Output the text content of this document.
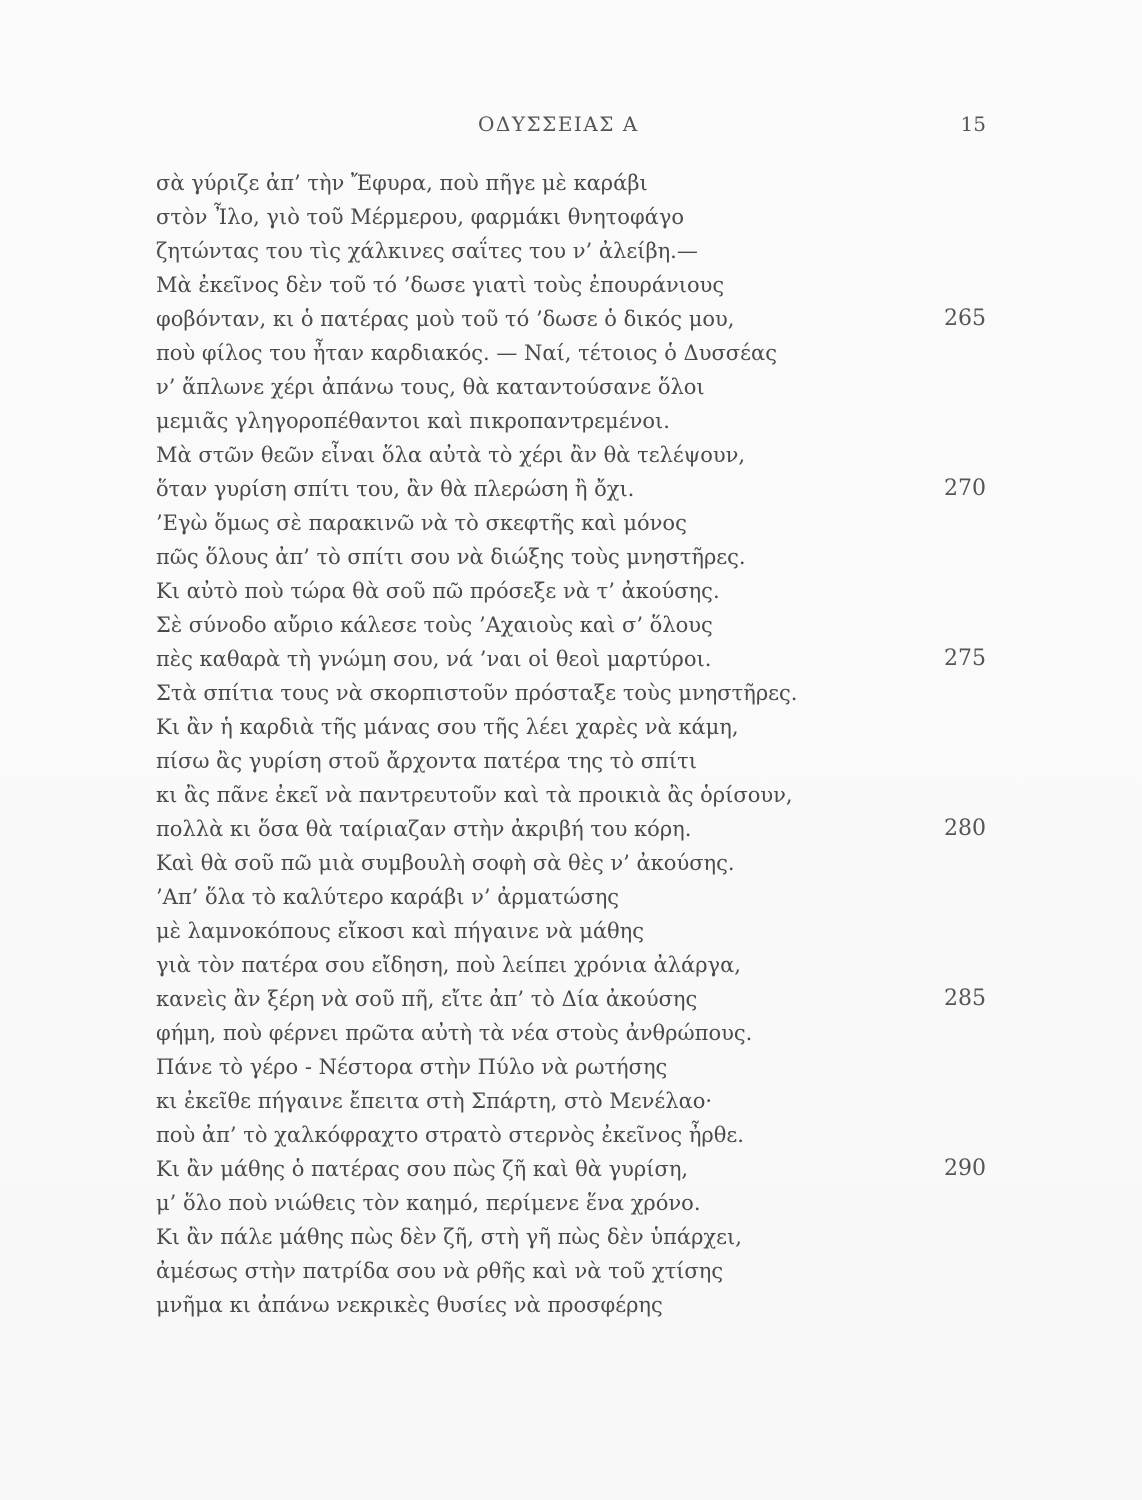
ΟΔΥΣΣΕΙΑΣ Α	15
σὰ γύριζε ἀπ’ τὴν Ἔφυρα, ποὺ πῆγε μὲ καράβι
στὸν Ἶλο, γιὸ τοῦ Μέρμερου, φαρμάκι θνητοφάγο
ζητώντας του τὶς χάλκινες σαΐτες του ν’ ἀλείβη.—
Μὰ ἐκεῖνος δὲν τοῦ τό ’δωσε γιατὶ τοὺς ἐπουράνιους
φοβόνταν, κι ὁ πατέρας μοὺ τοῦ τό ’δωσε ὁ δικός μου,	265
ποὺ φίλος του ἦταν καρδιακός. — Ναί, τέτοιος ὁ Δυσσέας
ν’ ἅπλωνε χέρι ἀπάνω τους, θὰ καταντούσανε ὅλοι
μεμιᾶς γληγοροπέθαντοι καὶ πικροπαντρεμένοι.
Μὰ στῶν θεῶν εἶναι ὅλα αὐτὰ τὸ χέρι ἂν θὰ τελέψουν,
ὅταν γυρίση σπίτι του, ἂν θὰ πλερώση ἢ ὄχι.	270
’Εγὼ ὅμως σὲ παρακινῶ νὰ τὸ σκεφτῆς καὶ μόνος
πῶς ὅλους ἀπ’ τὸ σπίτι σου νὰ διώξης τοὺς μνηστῆρες.
Κι αὐτὸ ποὺ τώρα θὰ σοῦ πῶ πρόσεξε νὰ τ’ ἀκούσης.
Σὲ σύνοδο αὔριο κάλεσε τοὺς ’Αχαιοὺς καὶ σ’ ὅλους
πὲς καθαρὰ τὴ γνώμη σου, νά ’ναι οἱ θεοὶ μαρτύροι.	275
Στὰ σπίτια τους νὰ σκορπιστοῦν πρόσταξε τοὺς μνηστῆρες.
Κι ἂν ἡ καρδιὰ τῆς μάνας σου τῆς λέει χαρὲς νὰ κάμη,
πίσω ἂς γυρίση στοῦ ἄρχοντα πατέρα της τὸ σπίτι
κι ἂς πᾶνε ἐκεῖ νὰ παντρευτοῦν καὶ τὰ προικιὰ ἂς ὁρίσουν,
πολλὰ κι ὅσα θὰ ταίριαζαν στὴν ἀκριβή του κόρη.	280
Καὶ θὰ σοῦ πῶ μιὰ συμβουλὴ σοφὴ σὰ θὲς ν’ ἀκούσης.
’Απ’ ὅλα τὸ καλύτερο καράβι ν’ ἀρματώσης
μὲ λαμνοκόπους εἴκοσι καὶ πήγαινε νὰ μάθης
γιὰ τὸν πατέρα σου εἴδηση, ποὺ λείπει χρόνια ἀλάργα,
κανεὶς ἂν ξέρη νὰ σοῦ πῆ, εἴτε ἀπ’ τὸ Δία ἀκούσης	285
φήμη, ποὺ φέρνει πρῶτα αὐτὴ τὰ νέα στοὺς ἀνθρώπους.
Πάνε τὸ γέρο - Νέστορα στὴν Πύλο νὰ ρωτήσης
κι ἐκεῖθε πήγαινε ἔπειτα στὴ Σπάρτη, στὸ Μενέλαο·
ποὺ ἀπ’ τὸ χαλκόφραχτο στρατὸ στερνὸς ἐκεῖνος ἦρθε.
Κι ἂν μάθης ὁ πατέρας σου πὼς ζῆ καὶ θὰ γυρίση,	290
μ’ ὅλο ποὺ νιώθεις τὸν καημό, περίμενε ἕνα χρόνο.
Κι ἂν πάλε μάθης πὼς δὲν ζῆ, στὴ γῆ πὼς δὲν ὑπάρχει,
ἀμέσως στὴν πατρίδα σου νὰ ρθῆς καὶ νὰ τοῦ χτίσης
μνῆμα κι ἀπάνω νεκρικὲς θυσίες νὰ προσφέρης
